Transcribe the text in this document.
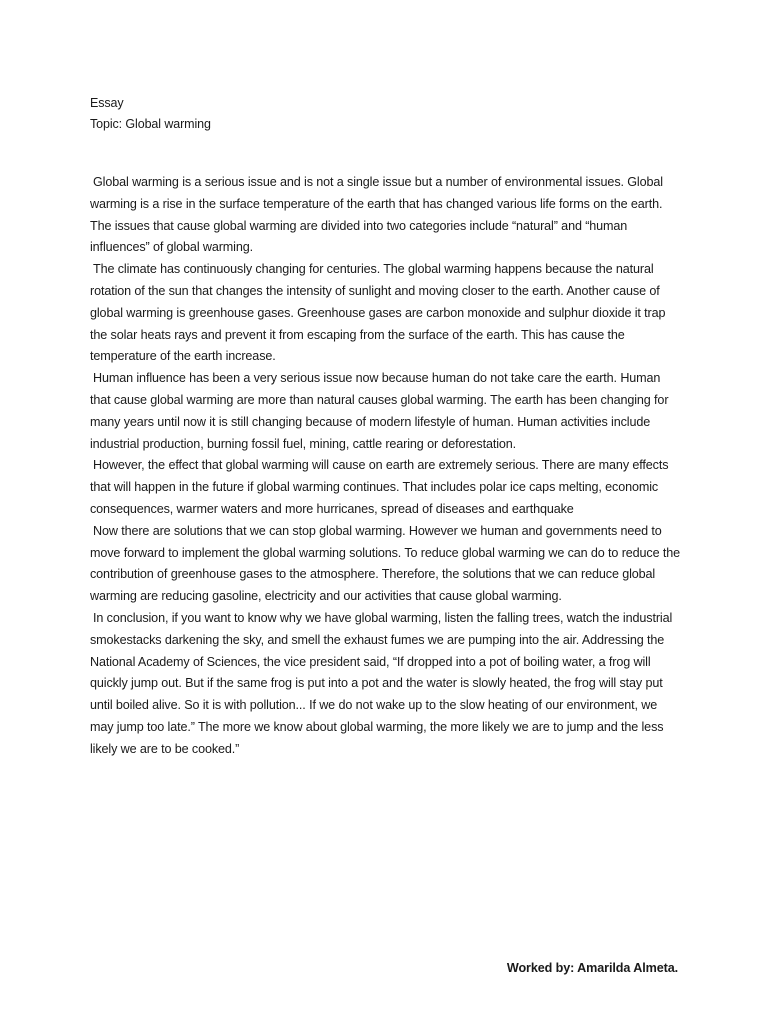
Essay
Topic: Global warming

Global warming is a serious issue and is not a single issue but a number of environmental issues. Global warming is a rise in the surface temperature of the earth that has changed various life forms on the earth. The issues that cause global warming are divided into two categories include “natural” and “human influences” of global warming.

The climate has continuously changing for centuries. The global warming happens because the natural rotation of the sun that changes the intensity of sunlight and moving closer to the earth. Another cause of global warming is greenhouse gases. Greenhouse gases are carbon monoxide and sulphur dioxide it trap the solar heats rays and prevent it from escaping from the surface of the earth. This has cause the temperature of the earth increase.

Human influence has been a very serious issue now because human do not take care the earth. Human that cause global warming are more than natural causes global warming. The earth has been changing for many years until now it is still changing because of modern lifestyle of human. Human activities include industrial production, burning fossil fuel, mining, cattle rearing or deforestation.

However, the effect that global warming will cause on earth are extremely serious. There are many effects that will happen in the future if global warming continues. That includes polar ice caps melting, economic consequences, warmer waters and more hurricanes, spread of diseases and earthquake

Now there are solutions that we can stop global warming. However we human and governments need to move forward to implement the global warming solutions. To reduce global warming we can do to reduce the contribution of greenhouse gases to the atmosphere. Therefore, the solutions that we can reduce global warming are reducing gasoline, electricity and our activities that cause global warming.

In conclusion, if you want to know why we have global warming, listen the falling trees, watch the industrial smokestacks darkening the sky, and smell the exhaust fumes we are pumping into the air. Addressing the National Academy of Sciences, the vice president said, “If dropped into a pot of boiling water, a frog will quickly jump out. But if the same frog is put into a pot and the water is slowly heated, the frog will stay put until boiled alive. So it is with pollution... If we do not wake up to the slow heating of our environment, we may jump too late.” The more we know about global warming, the more likely we are to jump and the less likely we are to be cooked.”

Worked by: Amarilda Almeta.
